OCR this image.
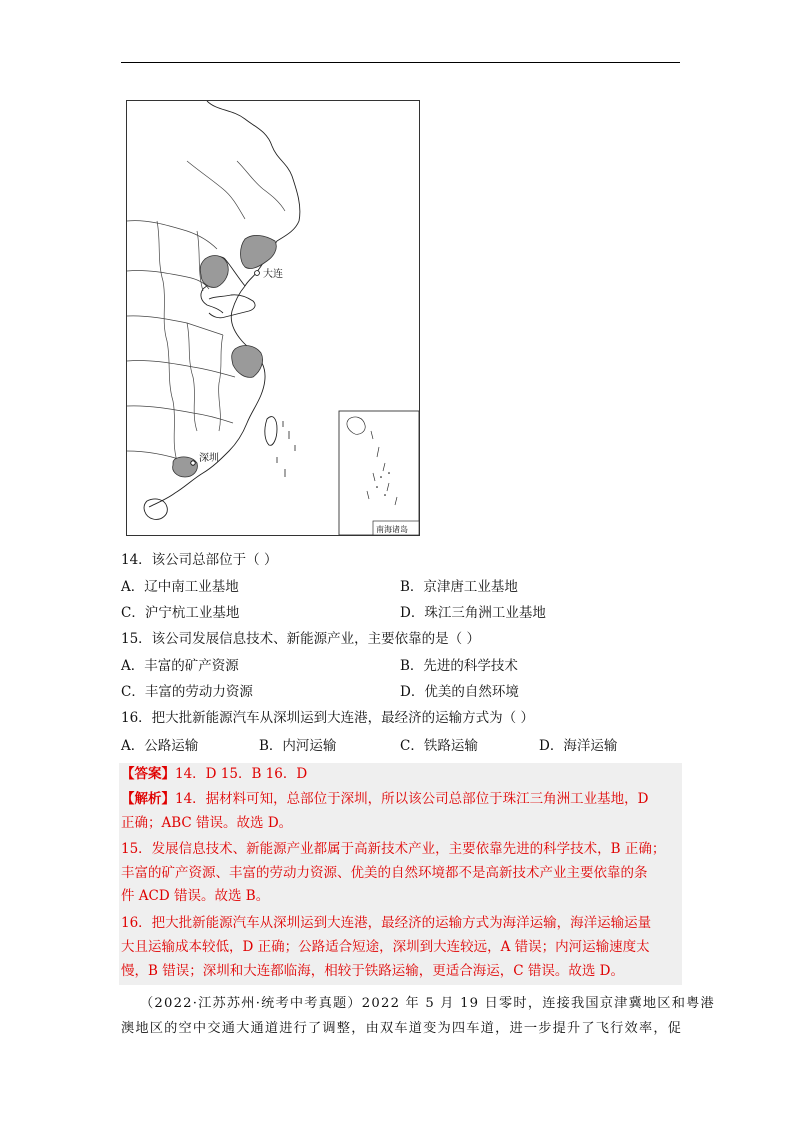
大连
深圳
南海诸岛
14．该公司总部位于（ ）
A．辽中南工业基地	B．京津唐工业基地
C．沪宁杭工业基地	D．珠江三角洲工业基地
15．该公司发展信息技术、新能源产业，主要依靠的是（ ）
A．丰富的矿产资源	B．先进的科学技术
C．丰富的劳动力资源	D．优美的自然环境
16．把大批新能源汽车从深圳运到大连港，最经济的运输方式为（ ）
A．公路运输	B．内河运输	C．铁路运输	D．海洋运输
【答案】14．D 15．B 16．D
【解析】14．据材料可知，总部位于深圳，所以该公司总部位于珠江三角洲工业基地，D
正确；ABC 错误。故选 D。
15．发展信息技术、新能源产业都属于高新技术产业，主要依靠先进的科学技术，B 正确；
丰富的矿产资源、丰富的劳动力资源、优美的自然环境都不是高新技术产业主要依靠的条
件 ACD 错误。故选 B。
16．把大批新能源汽车从深圳运到大连港，最经济的运输方式为海洋运输，海洋运输运量
大且运输成本较低，D 正确；公路适合短途，深圳到大连较远，A 错误；内河运输速度太
慢，B 错误；深圳和大连都临海，相较于铁路运输，更适合海运，C 错误。故选 D。
（2022·江苏苏州·统考中考真题）2022 年 5 月 19 日零时，连接我国京津冀地区和粤港
澳地区的空中交通大通道进行了调整，由双车道变为四车道，进一步提升了飞行效率，促
